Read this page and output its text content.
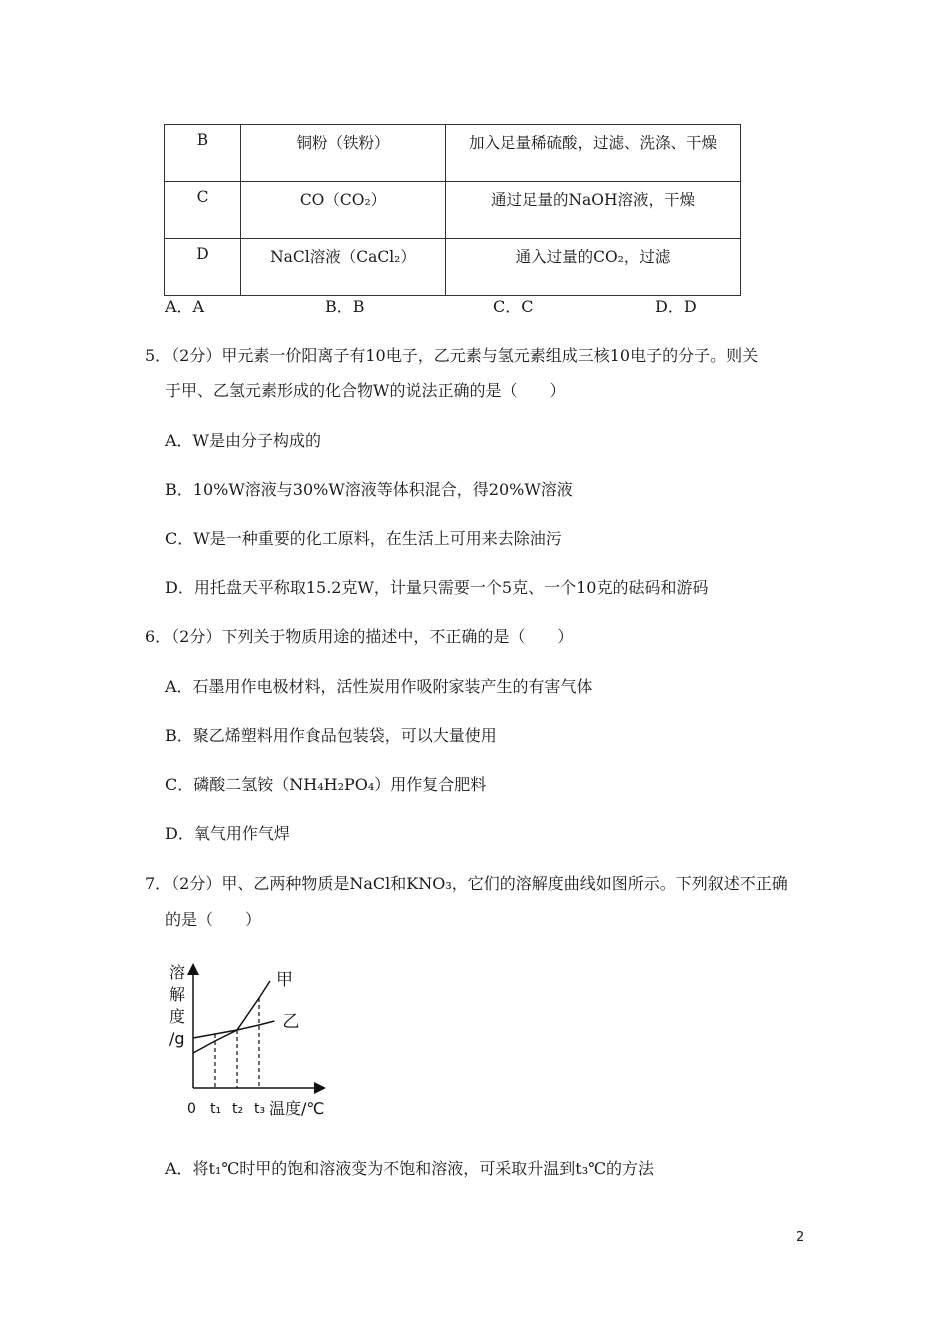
B	铜粉（铁粉）	加入足量稀硫酸，过滤、洗涤、干燥
C	CO（CO₂）	通过足量的NaOH溶液，干燥
D	NaCl溶液（CaCl₂）	通入过量的CO₂，过滤
A．A	B．B	C．C	D．D
5．（2分）甲元素一价阳离子有10电子，乙元素与氢元素组成三核10电子的分子。则关
于甲、乙氢元素形成的化合物W的说法正确的是（　　）
A．W是由分子构成的
B．10%W溶液与30%W溶液等体积混合，得20%W溶液
C．W是一种重要的化工原料，在生活上可用来去除油污
D．用托盘天平称取15.2克W，计量只需要一个5克、一个10克的砝码和游码
6．（2分）下列关于物质用途的描述中，不正确的是（　　）
A．石墨用作电极材料，活性炭用作吸附家装产生的有害气体
B．聚乙烯塑料用作食品包装袋，可以大量使用
C．磷酸二氢铵（NH₄H₂PO₄）用作复合肥料
D．氧气用作气焊
7．（2分）甲、乙两种物质是NaCl和KNO₃，它们的溶解度曲线如图所示。下列叙述不正确
的是（　　）
溶
解
度
/g
甲
乙
0 t₁ t₂ t₃ 温度/℃
A．将t₁℃时甲的饱和溶液变为不饱和溶液，可采取升温到t₃℃的方法
2
